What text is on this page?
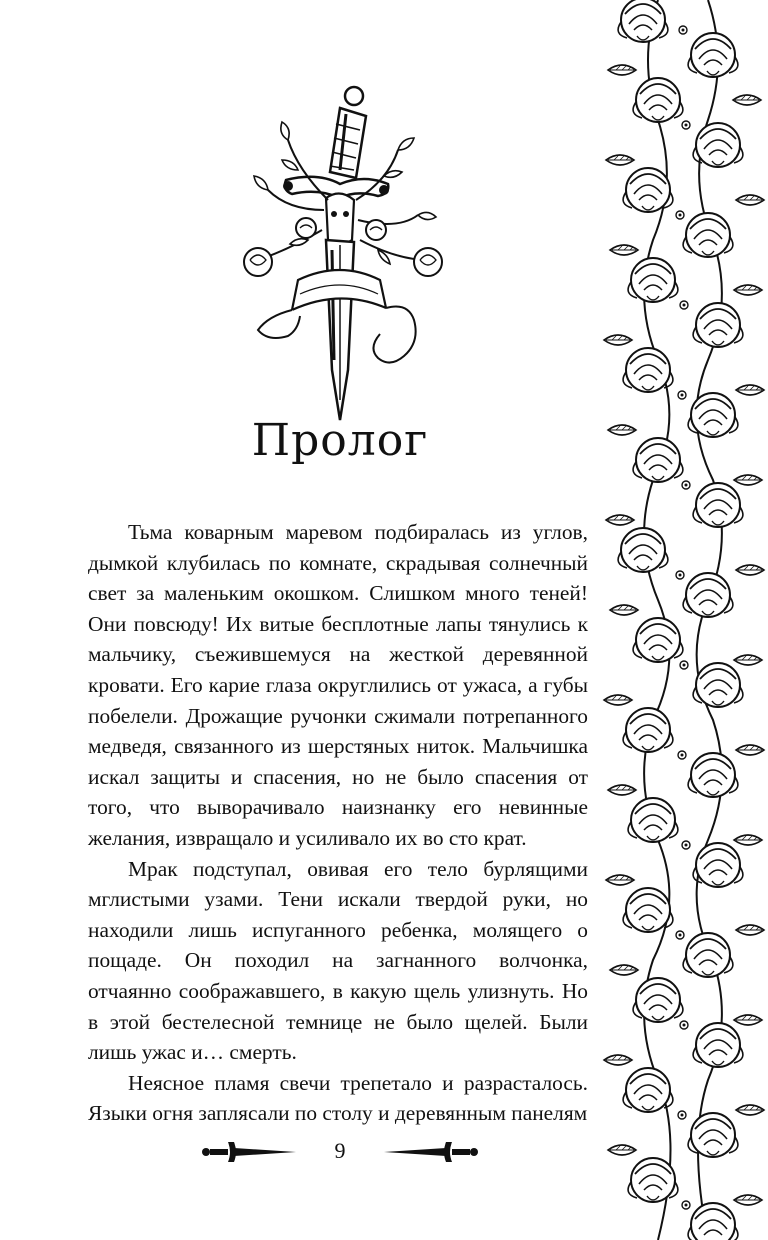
Пролог

Тьма коварным маревом подбиралась из углов, дымкой клубилась по комнате, скрадывая солнечный свет за маленьким окошком. Слишком много теней! Они повсюду! Их витые бесплотные лапы тянулись к мальчику, съежившемуся на жесткой деревянной кровати. Его карие глаза округлились от ужаса, а губы побелели. Дрожащие ручонки сжимали потрепанного медведя, связанного из шерстяных ниток. Мальчишка искал защиты и спасения, но не было спасения от того, что выворачивало наизнанку его невинные желания, извращало и усиливало их во сто крат.

Мрак подступал, овивая его тело бурлящими мглистыми узами. Тени искали твердой руки, но находили лишь испуганного ребенка, молящего о пощаде. Он походил на загнанного волчонка, отчаянно соображавшего, в какую щель улизнуть. Но в этой бестелесной темнице не было щелей. Были лишь ужас и… смерть.

Неясное пламя свечи трепетало и разрасталось. Языки огня заплясали по столу и деревянным панелям

9
